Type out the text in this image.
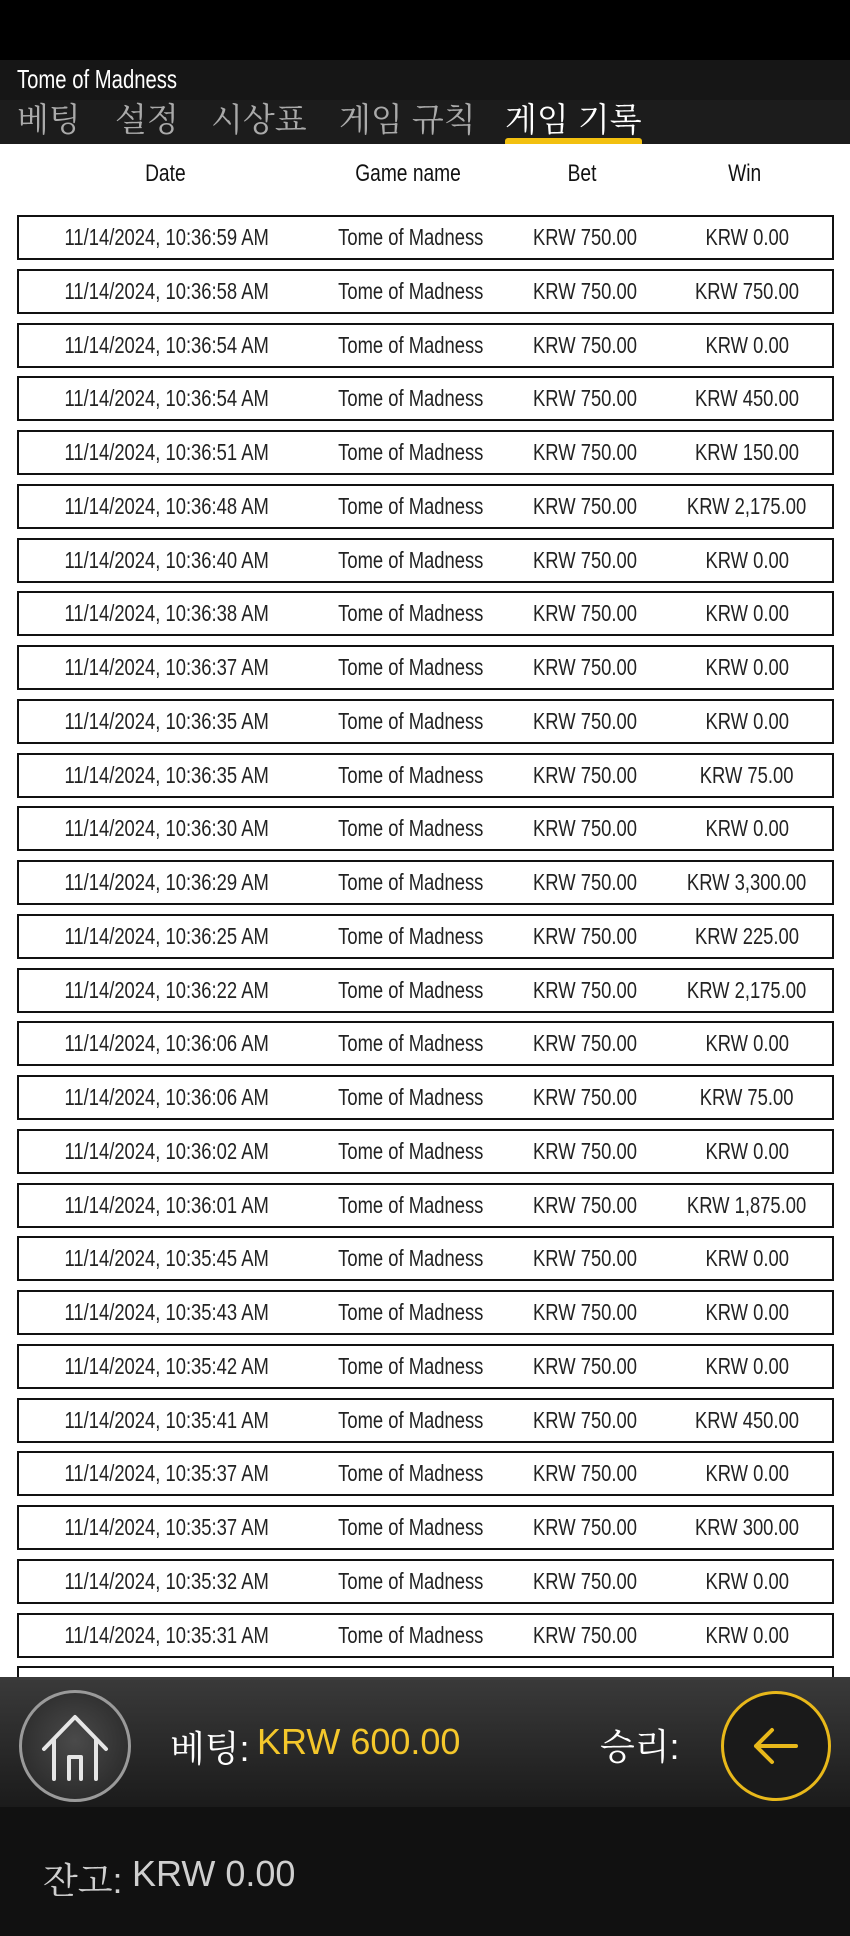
Tome of Madness
베팅 설정 시상표 게임 규칙 게임 기록
Date	Game name	Bet	Win
11/14/2024, 10:36:59 AM	Tome of Madness	KRW 750.00	KRW 0.00
11/14/2024, 10:36:58 AM	Tome of Madness	KRW 750.00	KRW 750.00
11/14/2024, 10:36:54 AM	Tome of Madness	KRW 750.00	KRW 0.00
11/14/2024, 10:36:54 AM	Tome of Madness	KRW 750.00	KRW 450.00
11/14/2024, 10:36:51 AM	Tome of Madness	KRW 750.00	KRW 150.00
11/14/2024, 10:36:48 AM	Tome of Madness	KRW 750.00	KRW 2,175.00
11/14/2024, 10:36:40 AM	Tome of Madness	KRW 750.00	KRW 0.00
11/14/2024, 10:36:38 AM	Tome of Madness	KRW 750.00	KRW 0.00
11/14/2024, 10:36:37 AM	Tome of Madness	KRW 750.00	KRW 0.00
11/14/2024, 10:36:35 AM	Tome of Madness	KRW 750.00	KRW 0.00
11/14/2024, 10:36:35 AM	Tome of Madness	KRW 750.00	KRW 75.00
11/14/2024, 10:36:30 AM	Tome of Madness	KRW 750.00	KRW 0.00
11/14/2024, 10:36:29 AM	Tome of Madness	KRW 750.00	KRW 3,300.00
11/14/2024, 10:36:25 AM	Tome of Madness	KRW 750.00	KRW 225.00
11/14/2024, 10:36:22 AM	Tome of Madness	KRW 750.00	KRW 2,175.00
11/14/2024, 10:36:06 AM	Tome of Madness	KRW 750.00	KRW 0.00
11/14/2024, 10:36:06 AM	Tome of Madness	KRW 750.00	KRW 75.00
11/14/2024, 10:36:02 AM	Tome of Madness	KRW 750.00	KRW 0.00
11/14/2024, 10:36:01 AM	Tome of Madness	KRW 750.00	KRW 1,875.00
11/14/2024, 10:35:45 AM	Tome of Madness	KRW 750.00	KRW 0.00
11/14/2024, 10:35:43 AM	Tome of Madness	KRW 750.00	KRW 0.00
11/14/2024, 10:35:42 AM	Tome of Madness	KRW 750.00	KRW 0.00
11/14/2024, 10:35:41 AM	Tome of Madness	KRW 750.00	KRW 450.00
11/14/2024, 10:35:37 AM	Tome of Madness	KRW 750.00	KRW 0.00
11/14/2024, 10:35:37 AM	Tome of Madness	KRW 750.00	KRW 300.00
11/14/2024, 10:35:32 AM	Tome of Madness	KRW 750.00	KRW 0.00
11/14/2024, 10:35:31 AM	Tome of Madness	KRW 750.00	KRW 0.00
베팅: KRW 600.00	승리:
잔고: KRW 0.00
